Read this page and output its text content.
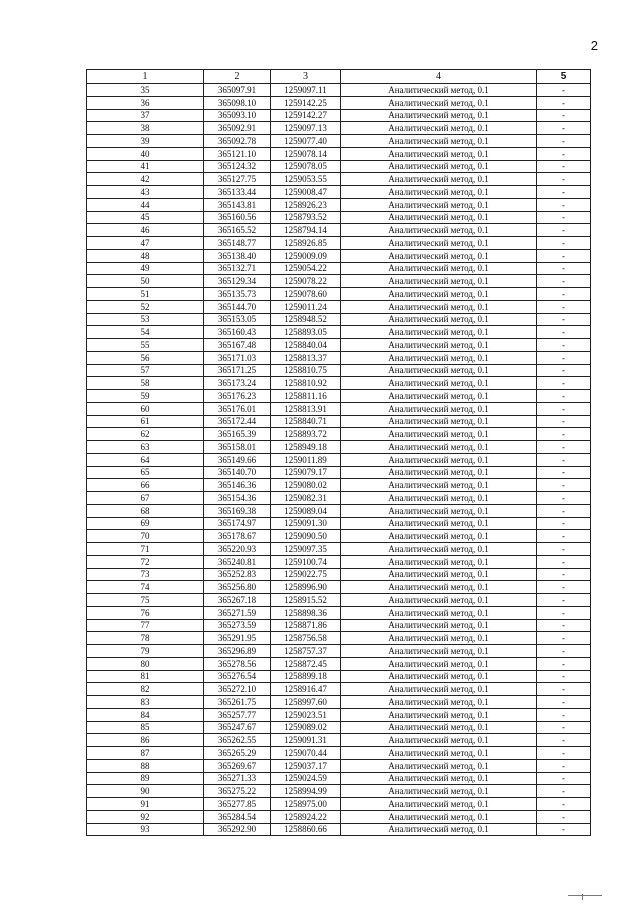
2
1	2	3	4	5
35	365097.91	1259097.11	Аналитический метод, 0.1	-
36	365098.10	1259142.25	Аналитический метод, 0.1	-
37	365093.10	1259142.27	Аналитический метод, 0.1	-
38	365092.91	1259097.13	Аналитический метод, 0.1	-
39	365092.78	1259077.40	Аналитический метод, 0.1	-
40	365121.10	1259078.14	Аналитический метод, 0.1	-
41	365124.32	1259078.05	Аналитический метод, 0.1	-
42	365127.75	1259053.55	Аналитический метод, 0.1	-
43	365133.44	1259008.47	Аналитический метод, 0.1	-
44	365143.81	1258926.23	Аналитический метод, 0.1	-
45	365160.56	1258793.52	Аналитический метод, 0.1	-
46	365165.52	1258794.14	Аналитический метод, 0.1	-
47	365148.77	1258926.85	Аналитический метод, 0.1	-
48	365138.40	1259009.09	Аналитический метод, 0.1	-
49	365132.71	1259054.22	Аналитический метод, 0.1	-
50	365129.34	1259078.22	Аналитический метод, 0.1	-
51	365135.73	1259078.60	Аналитический метод, 0.1	-
52	365144.70	1259011.24	Аналитический метод, 0.1	-
53	365153.05	1258948.52	Аналитический метод, 0.1	-
54	365160.43	1258893.05	Аналитический метод, 0.1	-
55	365167.48	1258840.04	Аналитический метод, 0.1	-
56	365171.03	1258813.37	Аналитический метод, 0.1	-
57	365171.25	1258810.75	Аналитический метод, 0.1	-
58	365173.24	1258810.92	Аналитический метод, 0.1	-
59	365176.23	1258811.16	Аналитический метод, 0.1	-
60	365176.01	1258813.91	Аналитический метод, 0.1	-
61	365172.44	1258840.71	Аналитический метод, 0.1	-
62	365165.39	1258893.72	Аналитический метод, 0.1	-
63	365158.01	1258949.18	Аналитический метод, 0.1	-
64	365149.66	1259011.89	Аналитический метод, 0.1	-
65	365140.70	1259079.17	Аналитический метод, 0.1	-
66	365146.36	1259080.02	Аналитический метод, 0.1	-
67	365154.36	1259082.31	Аналитический метод, 0.1	-
68	365169.38	1259089.04	Аналитический метод, 0.1	-
69	365174.97	1259091.30	Аналитический метод, 0.1	-
70	365178.67	1259090.50	Аналитический метод, 0.1	-
71	365220.93	1259097.35	Аналитический метод, 0.1	-
72	365240.81	1259100.74	Аналитический метод, 0.1	-
73	365252.83	1259022.75	Аналитический метод, 0.1	-
74	365256.80	1258996.90	Аналитический метод, 0.1	-
75	365267.18	1258915.52	Аналитический метод, 0.1	-
76	365271.59	1258898.36	Аналитический метод, 0.1	-
77	365273.59	1258871.86	Аналитический метод, 0.1	-
78	365291.95	1258756.58	Аналитический метод, 0.1	-
79	365296.89	1258757.37	Аналитический метод, 0.1	-
80	365278.56	1258872.45	Аналитический метод, 0.1	-
81	365276.54	1258899.18	Аналитический метод, 0.1	-
82	365272.10	1258916.47	Аналитический метод, 0.1	-
83	365261.75	1258997.60	Аналитический метод, 0.1	-
84	365257.77	1259023.51	Аналитический метод, 0.1	-
85	365247.67	1259089.02	Аналитический метод, 0.1	-
86	365262.55	1259091.31	Аналитический метод, 0.1	-
87	365265.29	1259070.44	Аналитический метод, 0.1	-
88	365269.67	1259037.17	Аналитический метод, 0.1	-
89	365271.33	1259024.59	Аналитический метод, 0.1	-
90	365275.22	1258994.99	Аналитический метод, 0.1	-
91	365277.85	1258975.00	Аналитический метод, 0.1	-
92	365284.54	1258924.22	Аналитический метод, 0.1	-
93	365292.90	1258860.66	Аналитический метод, 0.1	-
